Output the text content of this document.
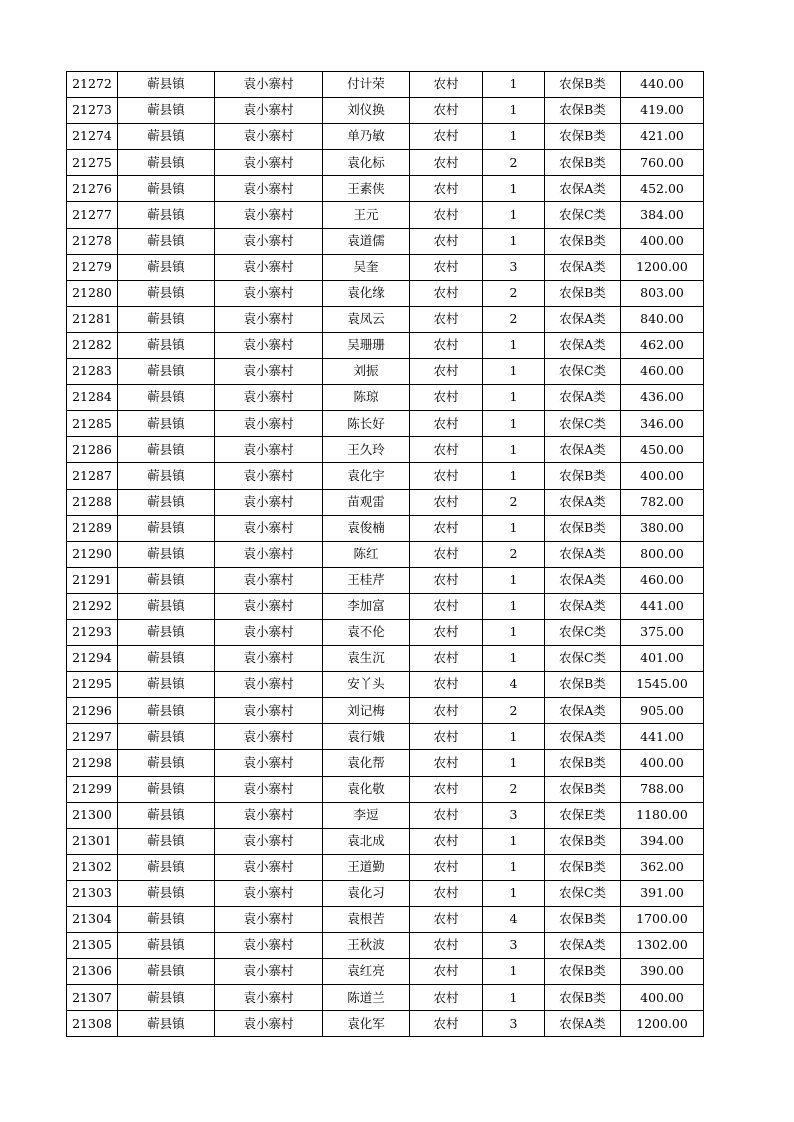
21272	蕲县镇	袁小寨村	付计荣	农村	1	农保B类	440.00
21273	蕲县镇	袁小寨村	刘仪换	农村	1	农保B类	419.00
21274	蕲县镇	袁小寨村	单乃敏	农村	1	农保B类	421.00
21275	蕲县镇	袁小寨村	袁化标	农村	2	农保B类	760.00
21276	蕲县镇	袁小寨村	王素侠	农村	1	农保A类	452.00
21277	蕲县镇	袁小寨村	王元	农村	1	农保C类	384.00
21278	蕲县镇	袁小寨村	袁道儒	农村	1	农保B类	400.00
21279	蕲县镇	袁小寨村	吴奎	农村	3	农保A类	1200.00
21280	蕲县镇	袁小寨村	袁化缘	农村	2	农保B类	803.00
21281	蕲县镇	袁小寨村	袁凤云	农村	2	农保A类	840.00
21282	蕲县镇	袁小寨村	吴珊珊	农村	1	农保A类	462.00
21283	蕲县镇	袁小寨村	刘振	农村	1	农保C类	460.00
21284	蕲县镇	袁小寨村	陈琼	农村	1	农保A类	436.00
21285	蕲县镇	袁小寨村	陈长好	农村	1	农保C类	346.00
21286	蕲县镇	袁小寨村	王久玲	农村	1	农保A类	450.00
21287	蕲县镇	袁小寨村	袁化宇	农村	1	农保B类	400.00
21288	蕲县镇	袁小寨村	苗观雷	农村	2	农保A类	782.00
21289	蕲县镇	袁小寨村	袁俊楠	农村	1	农保B类	380.00
21290	蕲县镇	袁小寨村	陈红	农村	2	农保A类	800.00
21291	蕲县镇	袁小寨村	王桂芹	农村	1	农保A类	460.00
21292	蕲县镇	袁小寨村	李加富	农村	1	农保A类	441.00
21293	蕲县镇	袁小寨村	袁不伦	农村	1	农保C类	375.00
21294	蕲县镇	袁小寨村	袁生沉	农村	1	农保C类	401.00
21295	蕲县镇	袁小寨村	安丫头	农村	4	农保B类	1545.00
21296	蕲县镇	袁小寨村	刘记梅	农村	2	农保A类	905.00
21297	蕲县镇	袁小寨村	袁行娥	农村	1	农保A类	441.00
21298	蕲县镇	袁小寨村	袁化帮	农村	1	农保B类	400.00
21299	蕲县镇	袁小寨村	袁化敬	农村	2	农保B类	788.00
21300	蕲县镇	袁小寨村	李逗	农村	3	农保E类	1180.00
21301	蕲县镇	袁小寨村	袁北成	农村	1	农保B类	394.00
21302	蕲县镇	袁小寨村	王道勤	农村	1	农保B类	362.00
21303	蕲县镇	袁小寨村	袁化习	农村	1	农保C类	391.00
21304	蕲县镇	袁小寨村	袁根苦	农村	4	农保B类	1700.00
21305	蕲县镇	袁小寨村	王秋波	农村	3	农保A类	1302.00
21306	蕲县镇	袁小寨村	袁红亮	农村	1	农保B类	390.00
21307	蕲县镇	袁小寨村	陈道兰	农村	1	农保B类	400.00
21308	蕲县镇	袁小寨村	袁化军	农村	3	农保A类	1200.00
